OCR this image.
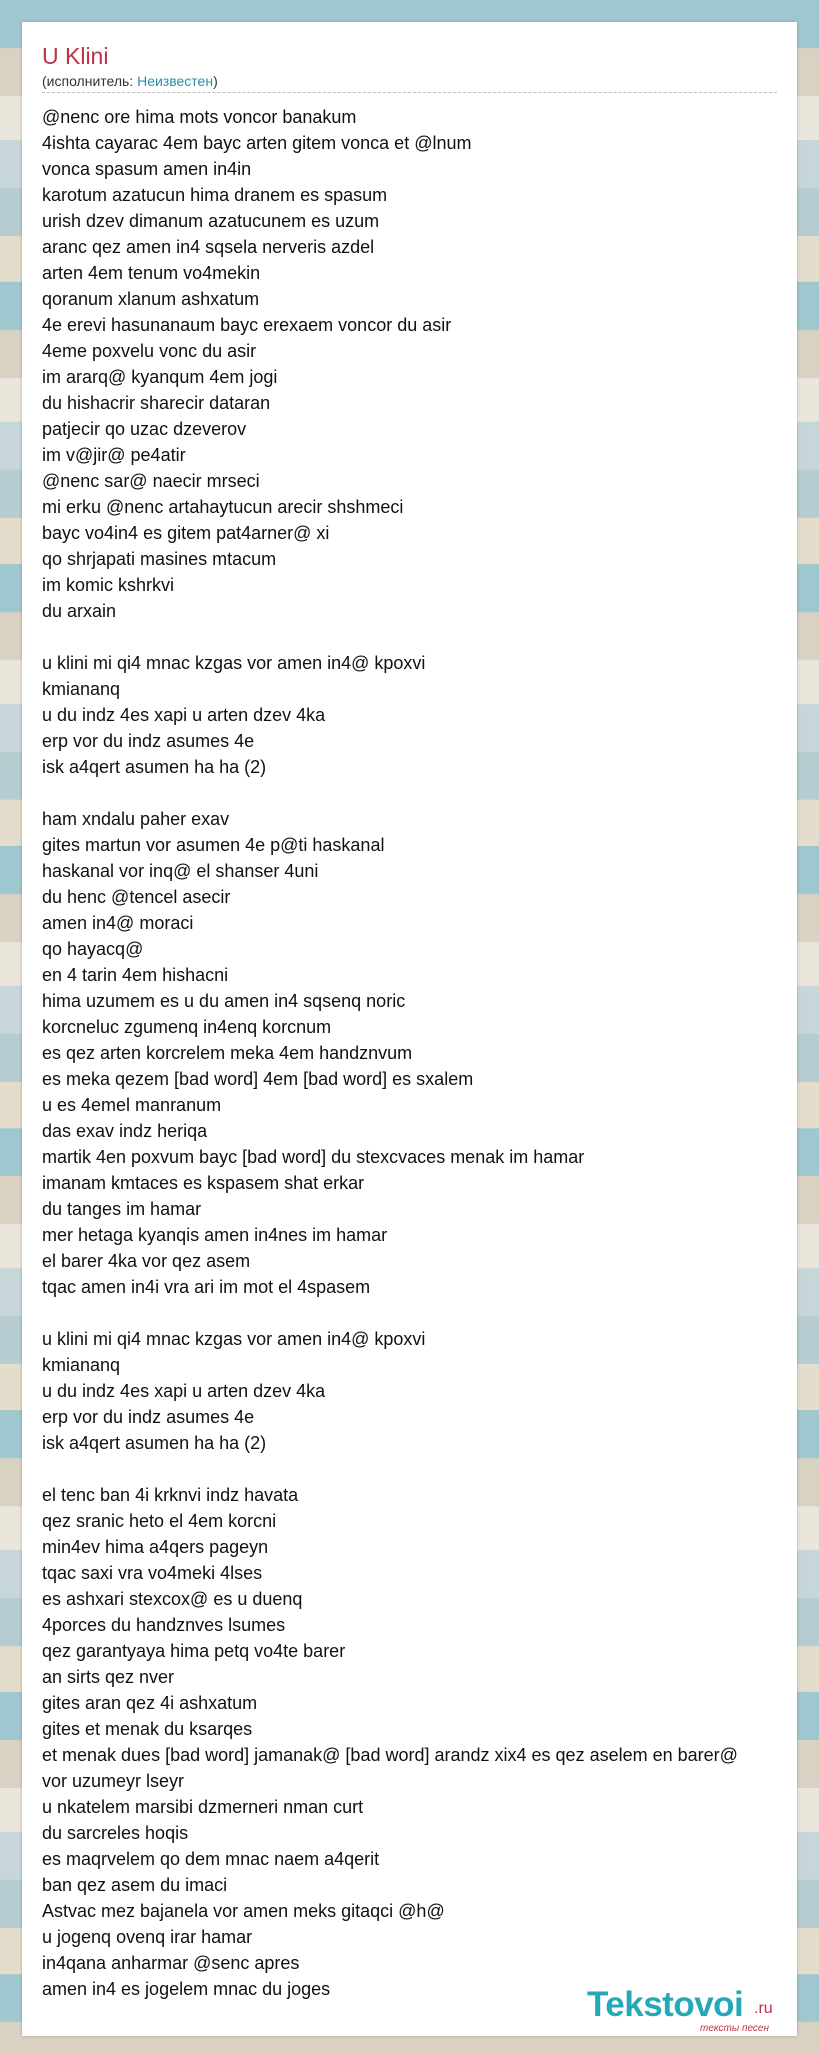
U Klini
(исполнитель: Неизвестен)
@nenc ore hima mots voncor banakum
4ishta cayarac 4em bayc arten gitem vonca et @lnum
vonca spasum amen in4in
karotum azatucun hima dranem es spasum
urish dzev dimanum azatucunem es uzum
aranc qez amen in4 sqsela nerveris azdel
arten 4em tenum vo4mekin
qoranum xlanum ashxatum
4e erevi hasunanaum bayc erexaem voncor du asir
4eme poxvelu vonc du asir
im ararq@ kyanqum 4em jogi
du hishacrir sharecir dataran
patjecir qo uzac dzeverov
im v@jir@ pe4atir
@nenc sar@ naecir mrseci
mi erku @nenc artahaytucun arecir shshmeci
bayc vo4in4 es gitem pat4arner@ xi
qo shrjapati masines mtacum
im komic kshrkvi
du arxain
u klini mi qi4 mnac kzgas vor amen in4@ kpoxvi
kmiananq
u du indz 4es xapi u arten dzev 4ka
erp vor du indz asumes 4e
isk a4qert asumen ha ha (2)
ham xndalu paher exav
gites martun vor asumen 4e p@ti haskanal
haskanal vor inq@ el shanser 4uni
du henc @tencel asecir
amen in4@ moraci
qo hayacq@
en 4 tarin 4em hishacni
hima uzumem es u du amen in4 sqsenq noric
korcneluc zgumenq in4enq korcnum
es qez arten korcrelem meka 4em handznvum
es meka qezem [bad word] 4em [bad word] es sxalem
u es 4emel manranum
das exav indz heriqa
martik 4en poxvum bayc [bad word] du stexcvaces menak im hamar
imanam kmtaces es kspasem shat erkar
du tanges im hamar
mer hetaga kyanqis amen in4nes im hamar
el barer 4ka vor qez asem
tqac amen in4i vra ari im mot el 4spasem
u klini mi qi4 mnac kzgas vor amen in4@ kpoxvi
kmiananq
u du indz 4es xapi u arten dzev 4ka
erp vor du indz asumes 4e
isk a4qert asumen ha ha (2)
el tenc ban 4i krknvi indz havata
qez sranic heto el 4em korcni
min4ev hima a4qers pageyn
tqac saxi vra vo4meki 4lses
es ashxari stexcox@ es u duenq
4porces du handznves lsumes
qez garantyaya hima petq vo4te barer
an sirts qez nver
gites aran qez 4i ashxatum
gites et menak du ksarqes
et menak dues [bad word] jamanak@ [bad word] arandz xix4 es qez aselem en barer@
vor uzumeyr lseyr
u nkatelem marsibi dzmerneri nman curt
du sarcreles hoqis
es maqrvelem qo dem mnac naem a4qerit
ban qez asem du imaci
Astvac mez bajanela vor amen meks gitaqci @h@
u jogenq ovenq irar hamar
in4qana anharmar @senc apres
amen in4 es jogelem mnac du joges	Tekstovoi .ru
тексты песен
